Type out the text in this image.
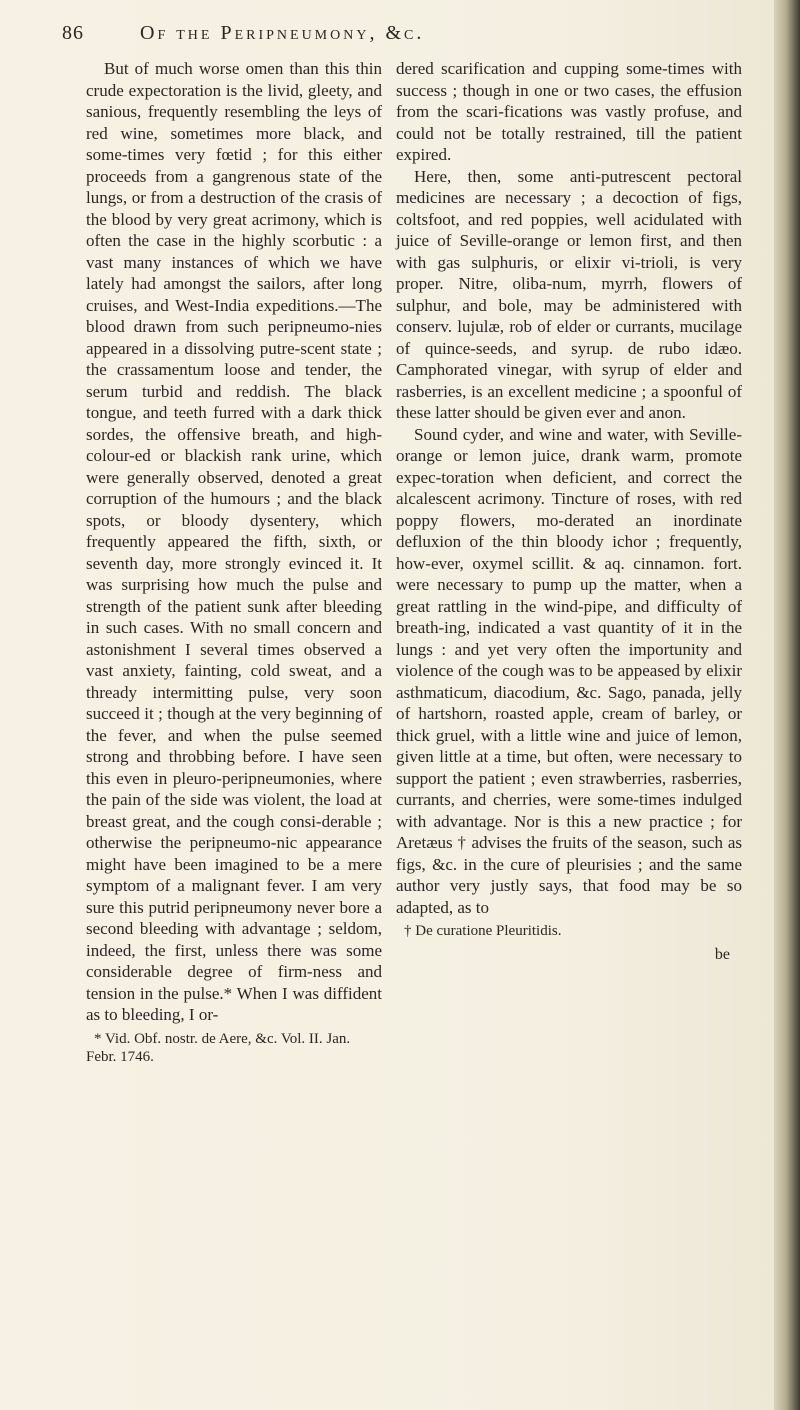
86	Of the Peripneumony, &c.

But of much worse omen than this thin crude expectoration is the livid, gleety, and sanious, frequently resembling the leys of red wine, sometimes more black, and some-times very fœtid ; for this either proceeds from a gangrenous state of the lungs, or from a destruction of the crasis of the blood by very great acrimony, which is often the case in the highly scorbutic : a vast many instances of which we have lately had amongst the sailors, after long cruises, and West-India expeditions.—The blood drawn from such peripneumo-nies appeared in a dissolving putre-scent state ; the crassamentum loose and tender, the serum turbid and reddish. The black tongue, and teeth furred with a dark thick sordes, the offensive breath, and high-colour-ed or blackish rank urine, which were generally observed, denoted a great corruption of the humours ; and the black spots, or bloody dysentery, which frequently appeared the fifth, sixth, or seventh day, more strongly evinced it. It was surprising how much the pulse and strength of the patient sunk after bleeding in such cases. With no small concern and astonishment I several times observed a vast anxiety, fainting, cold sweat, and a thready intermitting pulse, very soon succeed it ; though at the very beginning of the fever, and when the pulse seemed strong and throbbing before. I have seen this even in pleuro-peripneumonies, where the pain of the side was violent, the load at breast great, and the cough consi-derable ; otherwise the peripneumo-nic appearance might have been imagined to be a mere symptom of a malignant fever. I am very sure this putrid peripneumony never bore a second bleeding with advantage ; seldom, indeed, the first, unless there was some considerable degree of firm-ness and tension in the pulse.* When I was diffident as to bleeding, I or-

* Vid. Obf. nostr. de Aere, &c. Vol. II. Jan. Febr. 1746.

dered scarification and cupping some-times with success ; though in one or two cases, the effusion from the scari-fications was vastly profuse, and could not be totally restrained, till the patient expired.

Here, then, some anti-putrescent pectoral medicines are necessary ; a decoction of figs, coltsfoot, and red poppies, well acidulated with juice of Seville-orange or lemon first, and then with gas sulphuris, or elixir vi-trioli, is very proper. Nitre, oliba-num, myrrh, flowers of sulphur, and bole, may be administered with conserv. lujulæ, rob of elder or currants, mucilage of quince-seeds, and syrup. de rubo idæo. Camphorated vinegar, with syrup of elder and rasberries, is an excellent medicine ; a spoonful of these latter should be given ever and anon.

Sound cyder, and wine and water, with Seville-orange or lemon juice, drank warm, promote expec-toration when deficient, and correct the alcalescent acrimony. Tincture of roses, with red poppy flowers, mo-derated an inordinate defluxion of the thin bloody ichor ; frequently, how-ever, oxymel scillit. & aq. cinnamon. fort. were necessary to pump up the matter, when a great rattling in the wind-pipe, and difficulty of breath-ing, indicated a vast quantity of it in the lungs : and yet very often the importunity and violence of the cough was to be appeased by elixir asthmaticum, diacodium, &c. Sago, panada, jelly of hartshorn, roasted apple, cream of barley, or thick gruel, with a little wine and juice of lemon, given little at a time, but often, were necessary to support the patient ; even strawberries, rasberries, currants, and cherries, were some-times indulged with advantage. Nor is this a new practice ; for Aretæus † advises the fruits of the season, such as figs, &c. in the cure of pleurisies ; and the same author very justly says, that food may be so adapted, as to

† De curatione Pleuritidis.
be
